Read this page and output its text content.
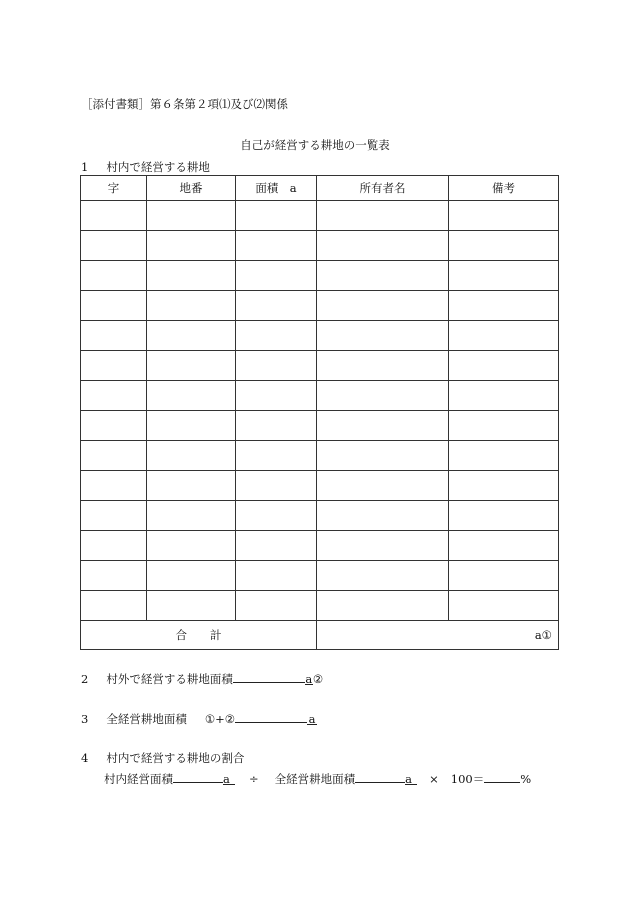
［添付書類］第６条第２項⑴及び⑵関係
自己が経営する耕地の一覧表
1 村内で経営する耕地
字	地番	面積　a	所有者名	備考

合　　計			a①	
2 村外で経営する耕地面積	a②
3 全経営耕地面積 ①+②	a
4 村内で経営する耕地の割合
村内経営面積	a ÷ 全経営耕地面積	a × 100＝	%
